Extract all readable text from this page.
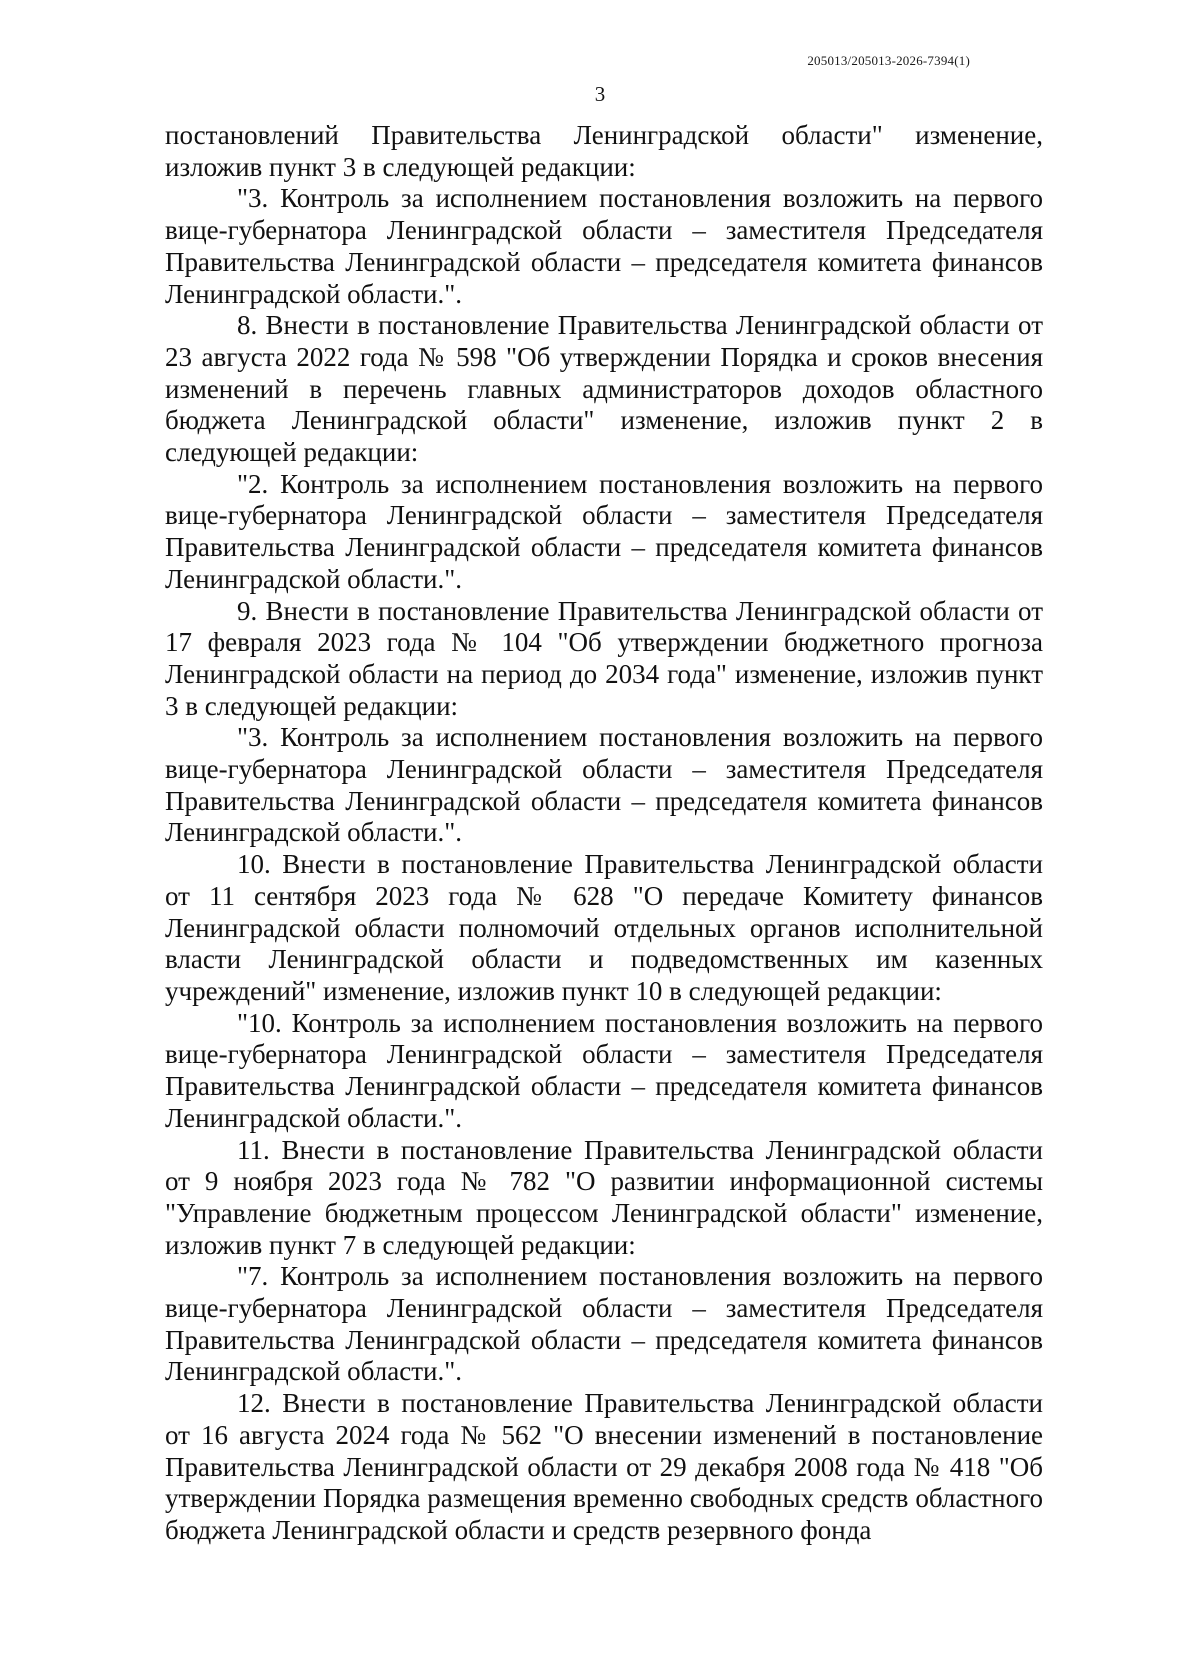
205013/205013-2026-7394(1)
3

постановлений Правительства Ленинградской области" изменение, изложив пункт 3 в следующей редакции:

"3. Контроль за исполнением постановления возложить на первого вице-губернатора Ленинградской области – заместителя Председателя Правительства Ленинградской области – председателя комитета финансов Ленинградской области.".

8. Внести в постановление Правительства Ленинградской области от 23 августа 2022 года № 598 "Об утверждении Порядка и сроков внесения изменений в перечень главных администраторов доходов областного бюджета Ленинградской области" изменение, изложив пункт 2 в следующей редакции:

"2. Контроль за исполнением постановления возложить на первого вице-губернатора Ленинградской области – заместителя Председателя Правительства Ленинградской области – председателя комитета финансов Ленинградской области.".

9. Внести в постановление Правительства Ленинградской области от 17 февраля 2023 года № 104 "Об утверждении бюджетного прогноза Ленинградской области на период до 2034 года" изменение, изложив пункт 3 в следующей редакции:

"3. Контроль за исполнением постановления возложить на первого вице-губернатора Ленинградской области – заместителя Председателя Правительства Ленинградской области – председателя комитета финансов Ленинградской области.".

10. Внести в постановление Правительства Ленинградской области от 11 сентября 2023 года № 628 "О передаче Комитету финансов Ленинградской области полномочий отдельных органов исполнительной власти Ленинградской области и подведомственных им казенных учреждений" изменение, изложив пункт 10 в следующей редакции:

"10. Контроль за исполнением постановления возложить на первого вице-губернатора Ленинградской области – заместителя Председателя Правительства Ленинградской области – председателя комитета финансов Ленинградской области.".

11. Внести в постановление Правительства Ленинградской области от 9 ноября 2023 года № 782 "О развитии информационной системы "Управление бюджетным процессом Ленинградской области" изменение, изложив пункт 7 в следующей редакции:

"7. Контроль за исполнением постановления возложить на первого вице-губернатора Ленинградской области – заместителя Председателя Правительства Ленинградской области – председателя комитета финансов Ленинградской области.".

12. Внести в постановление Правительства Ленинградской области от 16 августа 2024 года № 562 "О внесении изменений в постановление Правительства Ленинградской области от 29 декабря 2008 года № 418 "Об утверждении Порядка размещения временно свободных средств областного бюджета Ленинградской области и средств резервного фонда
